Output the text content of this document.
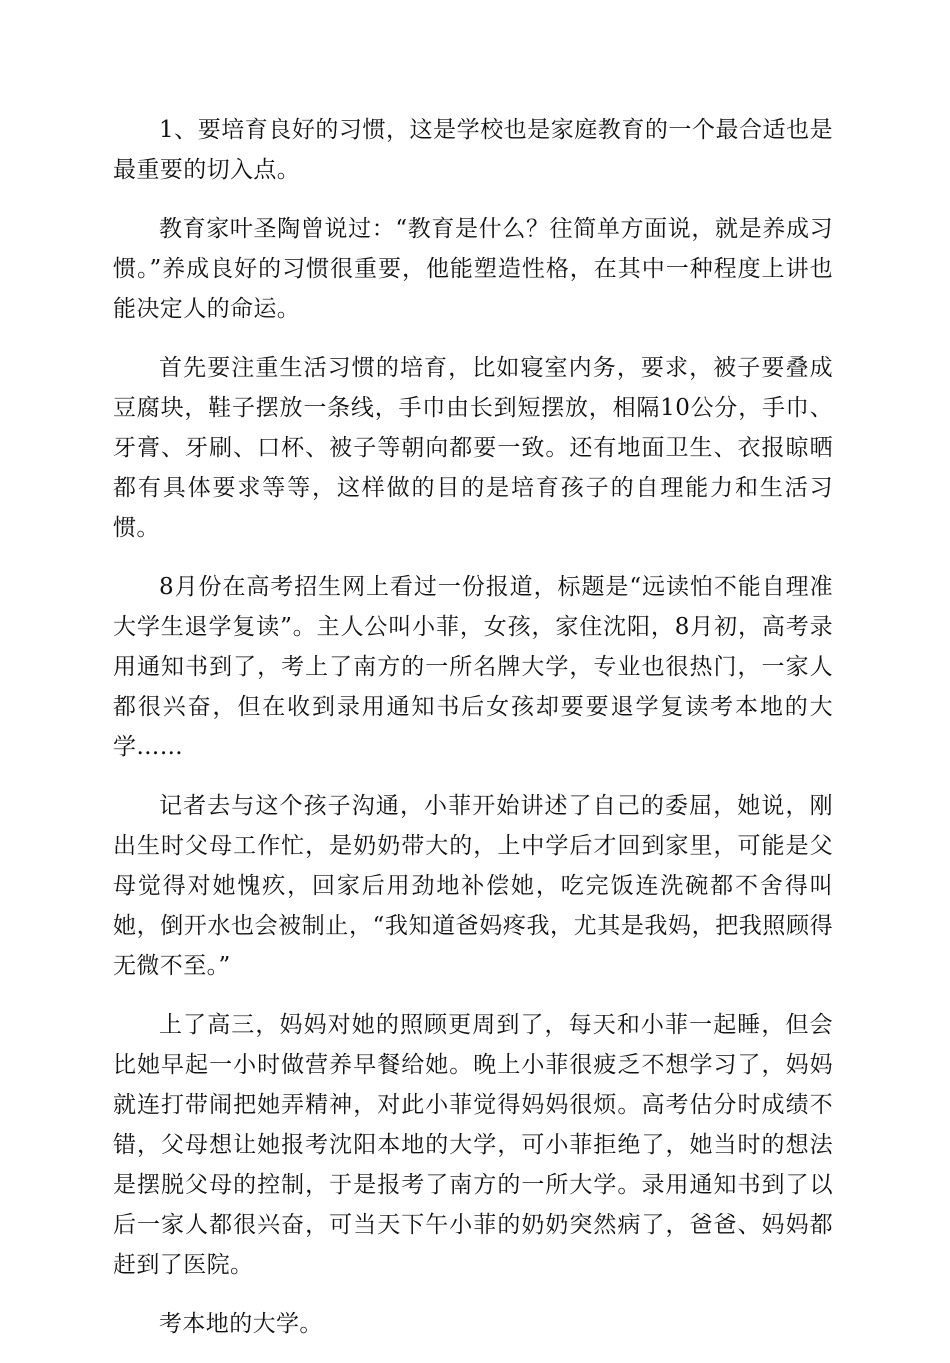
1、要培育良好的习惯，这是学校也是家庭教育的一个最合适也是最重要的切入点。

教育家叶圣陶曾说过：“教育是什么？往简单方面说，就是养成习惯。”养成良好的习惯很重要，他能塑造性格，在其中一种程度上讲也能决定人的命运。

首先要注重生活习惯的培育，比如寝室内务，要求，被子要叠成豆腐块，鞋子摆放一条线，手巾由长到短摆放，相隔10公分，手巾、牙膏、牙刷、口杯、被子等朝向都要一致。还有地面卫生、衣报晾晒都有具体要求等等，这样做的目的是培育孩子的自理能力和生活习惯。

8月份在高考招生网上看过一份报道，标题是“远读怕不能自理准大学生退学复读”。主人公叫小菲，女孩，家住沈阳，8月初，高考录用通知书到了，考上了南方的一所名牌大学，专业也很热门，一家人都很兴奋，但在收到录用通知书后女孩却要要退学复读考本地的大学……

记者去与这个孩子沟通，小菲开始讲述了自己的委屈，她说，刚出生时父母工作忙，是奶奶带大的，上中学后才回到家里，可能是父母觉得对她愧疚，回家后用劲地补偿她，吃完饭连洗碗都不舍得叫她，倒开水也会被制止，“我知道爸妈疼我，尤其是我妈，把我照顾得无微不至。”

上了高三，妈妈对她的照顾更周到了，每天和小菲一起睡，但会比她早起一小时做营养早餐给她。晚上小菲很疲乏不想学习了，妈妈就连打带闹把她弄精神，对此小菲觉得妈妈很烦。高考估分时成绩不错，父母想让她报考沈阳本地的大学，可小菲拒绝了，她当时的想法是摆脱父母的控制，于是报考了南方的一所大学。录用通知书到了以后一家人都很兴奋，可当天下午小菲的奶奶突然病了，爸爸、妈妈都赶到了医院。

考本地的大学。
